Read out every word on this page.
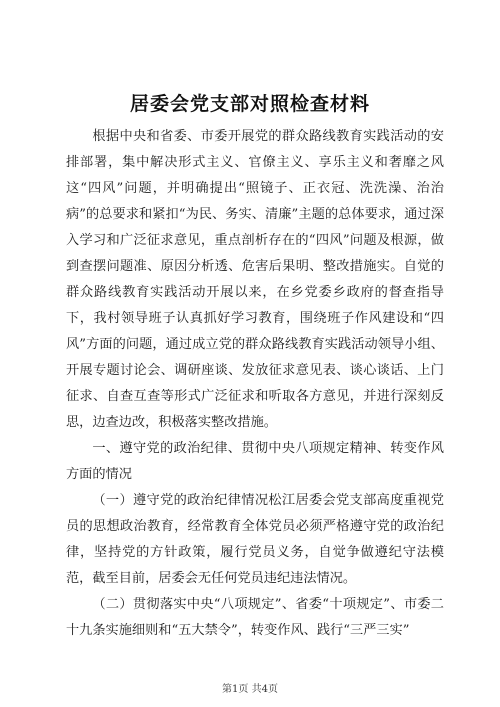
居委会党支部对照检查材料

根据中央和省委、市委开展党的群众路线教育实践活动的安排部署，集中解决形式主义、官僚主义、享乐主义和奢靡之风这“四风”问题，并明确提出“照镜子、正衣冠、洗洗澡、治治病”的总要求和紧扣“为民、务实、清廉”主题的总体要求，通过深入学习和广泛征求意见，重点剖析存在的“四风”问题及根源，做到查摆问题准、原因分析透、危害后果明、整改措施实。自觉的群众路线教育实践活动开展以来，在乡党委乡政府的督查指导下，我村领导班子认真抓好学习教育，围绕班子作风建设和“四风”方面的问题，通过成立党的群众路线教育实践活动领导小组、开展专题讨论会、调研座谈、发放征求意见表、谈心谈话、上门征求、自查互查等形式广泛征求和听取各方意见，并进行深刻反思，边查边改，积极落实整改措施。

一、遵守党的政治纪律、贯彻中央八项规定精神、转变作风方面的情况

（一）遵守党的政治纪律情况松江居委会党支部高度重视党员的思想政治教育，经常教育全体党员必须严格遵守党的政治纪律，坚持党的方针政策，履行党员义务，自觉争做遵纪守法模范，截至目前，居委会无任何党员违纪违法情况。

（二）贯彻落实中央“八项规定”、省委“十项规定”、市委二十九条实施细则和“五大禁令”，转变作风、践行“三严三实”

第1页 共4页
